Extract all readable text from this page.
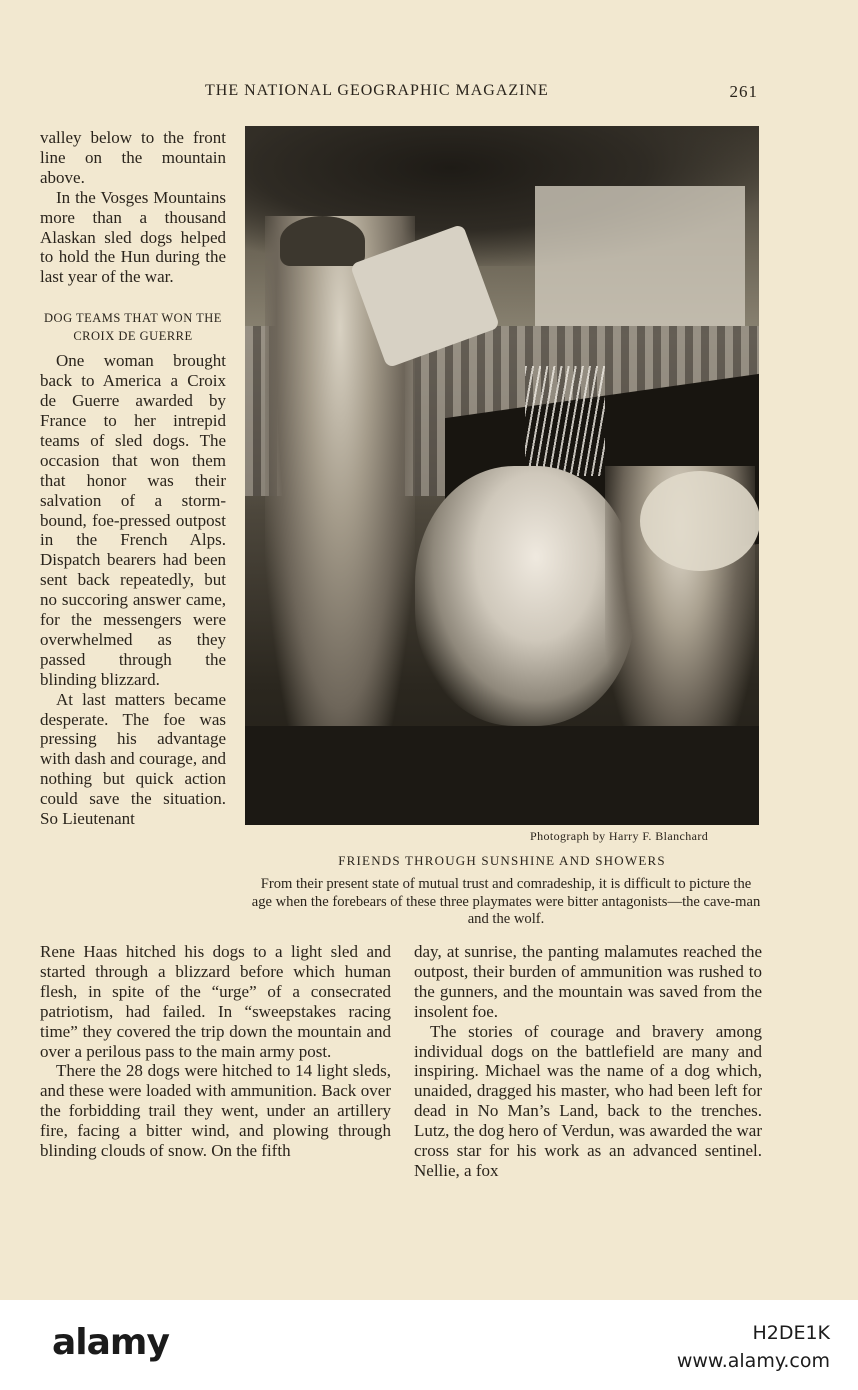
THE NATIONAL GEOGRAPHIC MAGAZINE	261

valley below to the front line on the mountain above.

In the Vosges Mountains more than a thousand Alaskan sled dogs helped to hold the Hun during the last year of the war.

DOG TEAMS THAT WON THE CROIX DE GUERRE

One woman brought back to America a Croix de Guerre awarded by France to her intrepid teams of sled dogs. The occasion that won them that honor was their salvation of a storm-bound, foe-pressed outpost in the French Alps. Dispatch bearers had been sent back repeatedly, but no succoring answer came, for the messengers were overwhelmed as they passed through the blinding blizzard.

At last matters became desperate. The foe was pressing his advantage with dash and courage, and nothing but quick action could save the situation. So Lieutenant

Photograph by Harry F. Blanchard
FRIENDS THROUGH SUNSHINE AND SHOWERS
From their present state of mutual trust and comradeship, it is difficult to picture the age when the forebears of these three playmates were bitter antagonists—the cave-man and the wolf.

Rene Haas hitched his dogs to a light sled and started through a blizzard before which human flesh, in spite of the “urge” of a consecrated patriotism, had failed. In “sweepstakes racing time” they covered the trip down the mountain and over a perilous pass to the main army post.

There the 28 dogs were hitched to 14 light sleds, and these were loaded with ammunition. Back over the forbidding trail they went, under an artillery fire, facing a bitter wind, and plowing through blinding clouds of snow. On the fifth

day, at sunrise, the panting malamutes reached the outpost, their burden of ammunition was rushed to the gunners, and the mountain was saved from the insolent foe.

The stories of courage and bravery among individual dogs on the battlefield are many and inspiring. Michael was the name of a dog which, unaided, dragged his master, who had been left for dead in No Man’s Land, back to the trenches. Lutz, the dog hero of Verdun, was awarded the war cross star for his work as an advanced sentinel. Nellie, a fox

alamy	H2DE1K
www.alamy.com
